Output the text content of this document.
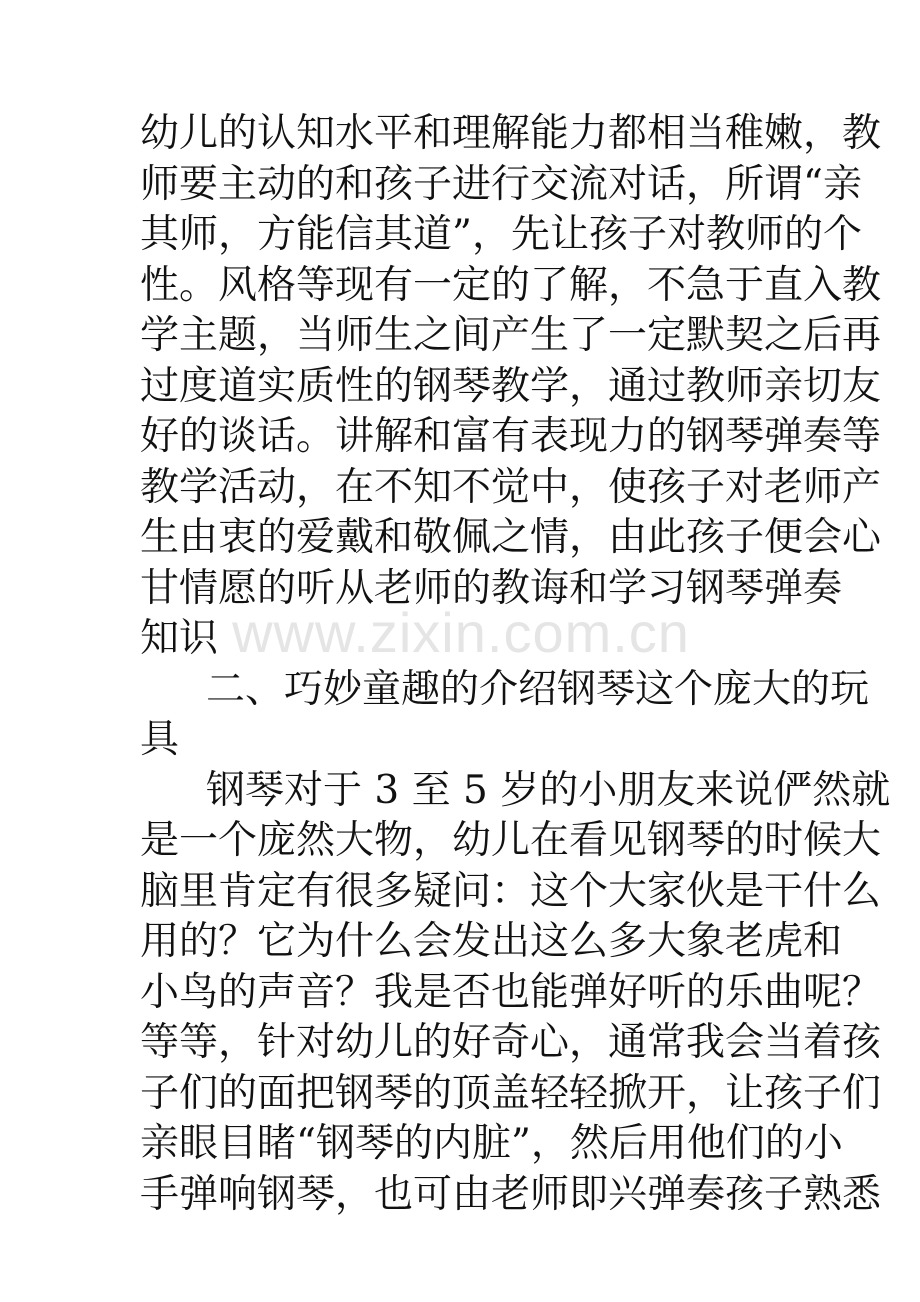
幼儿的认知水平和理解能力都相当稚嫩，教
师要主动的和孩子进行交流对话，所谓“亲
其师，方能信其道”，先让孩子对教师的个
性。风格等现有一定的了解，不急于直入教
学主题，当师生之间产生了一定默契之后再
过度道实质性的钢琴教学，通过教师亲切友
好的谈话。讲解和富有表现力的钢琴弹奏等
教学活动，在不知不觉中，使孩子对老师产
生由衷的爱戴和敬佩之情，由此孩子便会心
甘情愿的听从老师的教诲和学习钢琴弹奏
知识
二、巧妙童趣的介绍钢琴这个庞大的玩
具
钢琴对于 3 至 5 岁的小朋友来说俨然就
是一个庞然大物，幼儿在看见钢琴的时候大
脑里肯定有很多疑问：这个大家伙是干什么
用的？它为什么会发出这么多大象老虎和
小鸟的声音？我是否也能弹好听的乐曲呢？
等等，针对幼儿的好奇心，通常我会当着孩
子们的面把钢琴的顶盖轻轻掀开，让孩子们
亲眼目睹“钢琴的内脏”，然后用他们的小
手弹响钢琴，也可由老师即兴弹奏孩子熟悉
www.zixin.com.cn
